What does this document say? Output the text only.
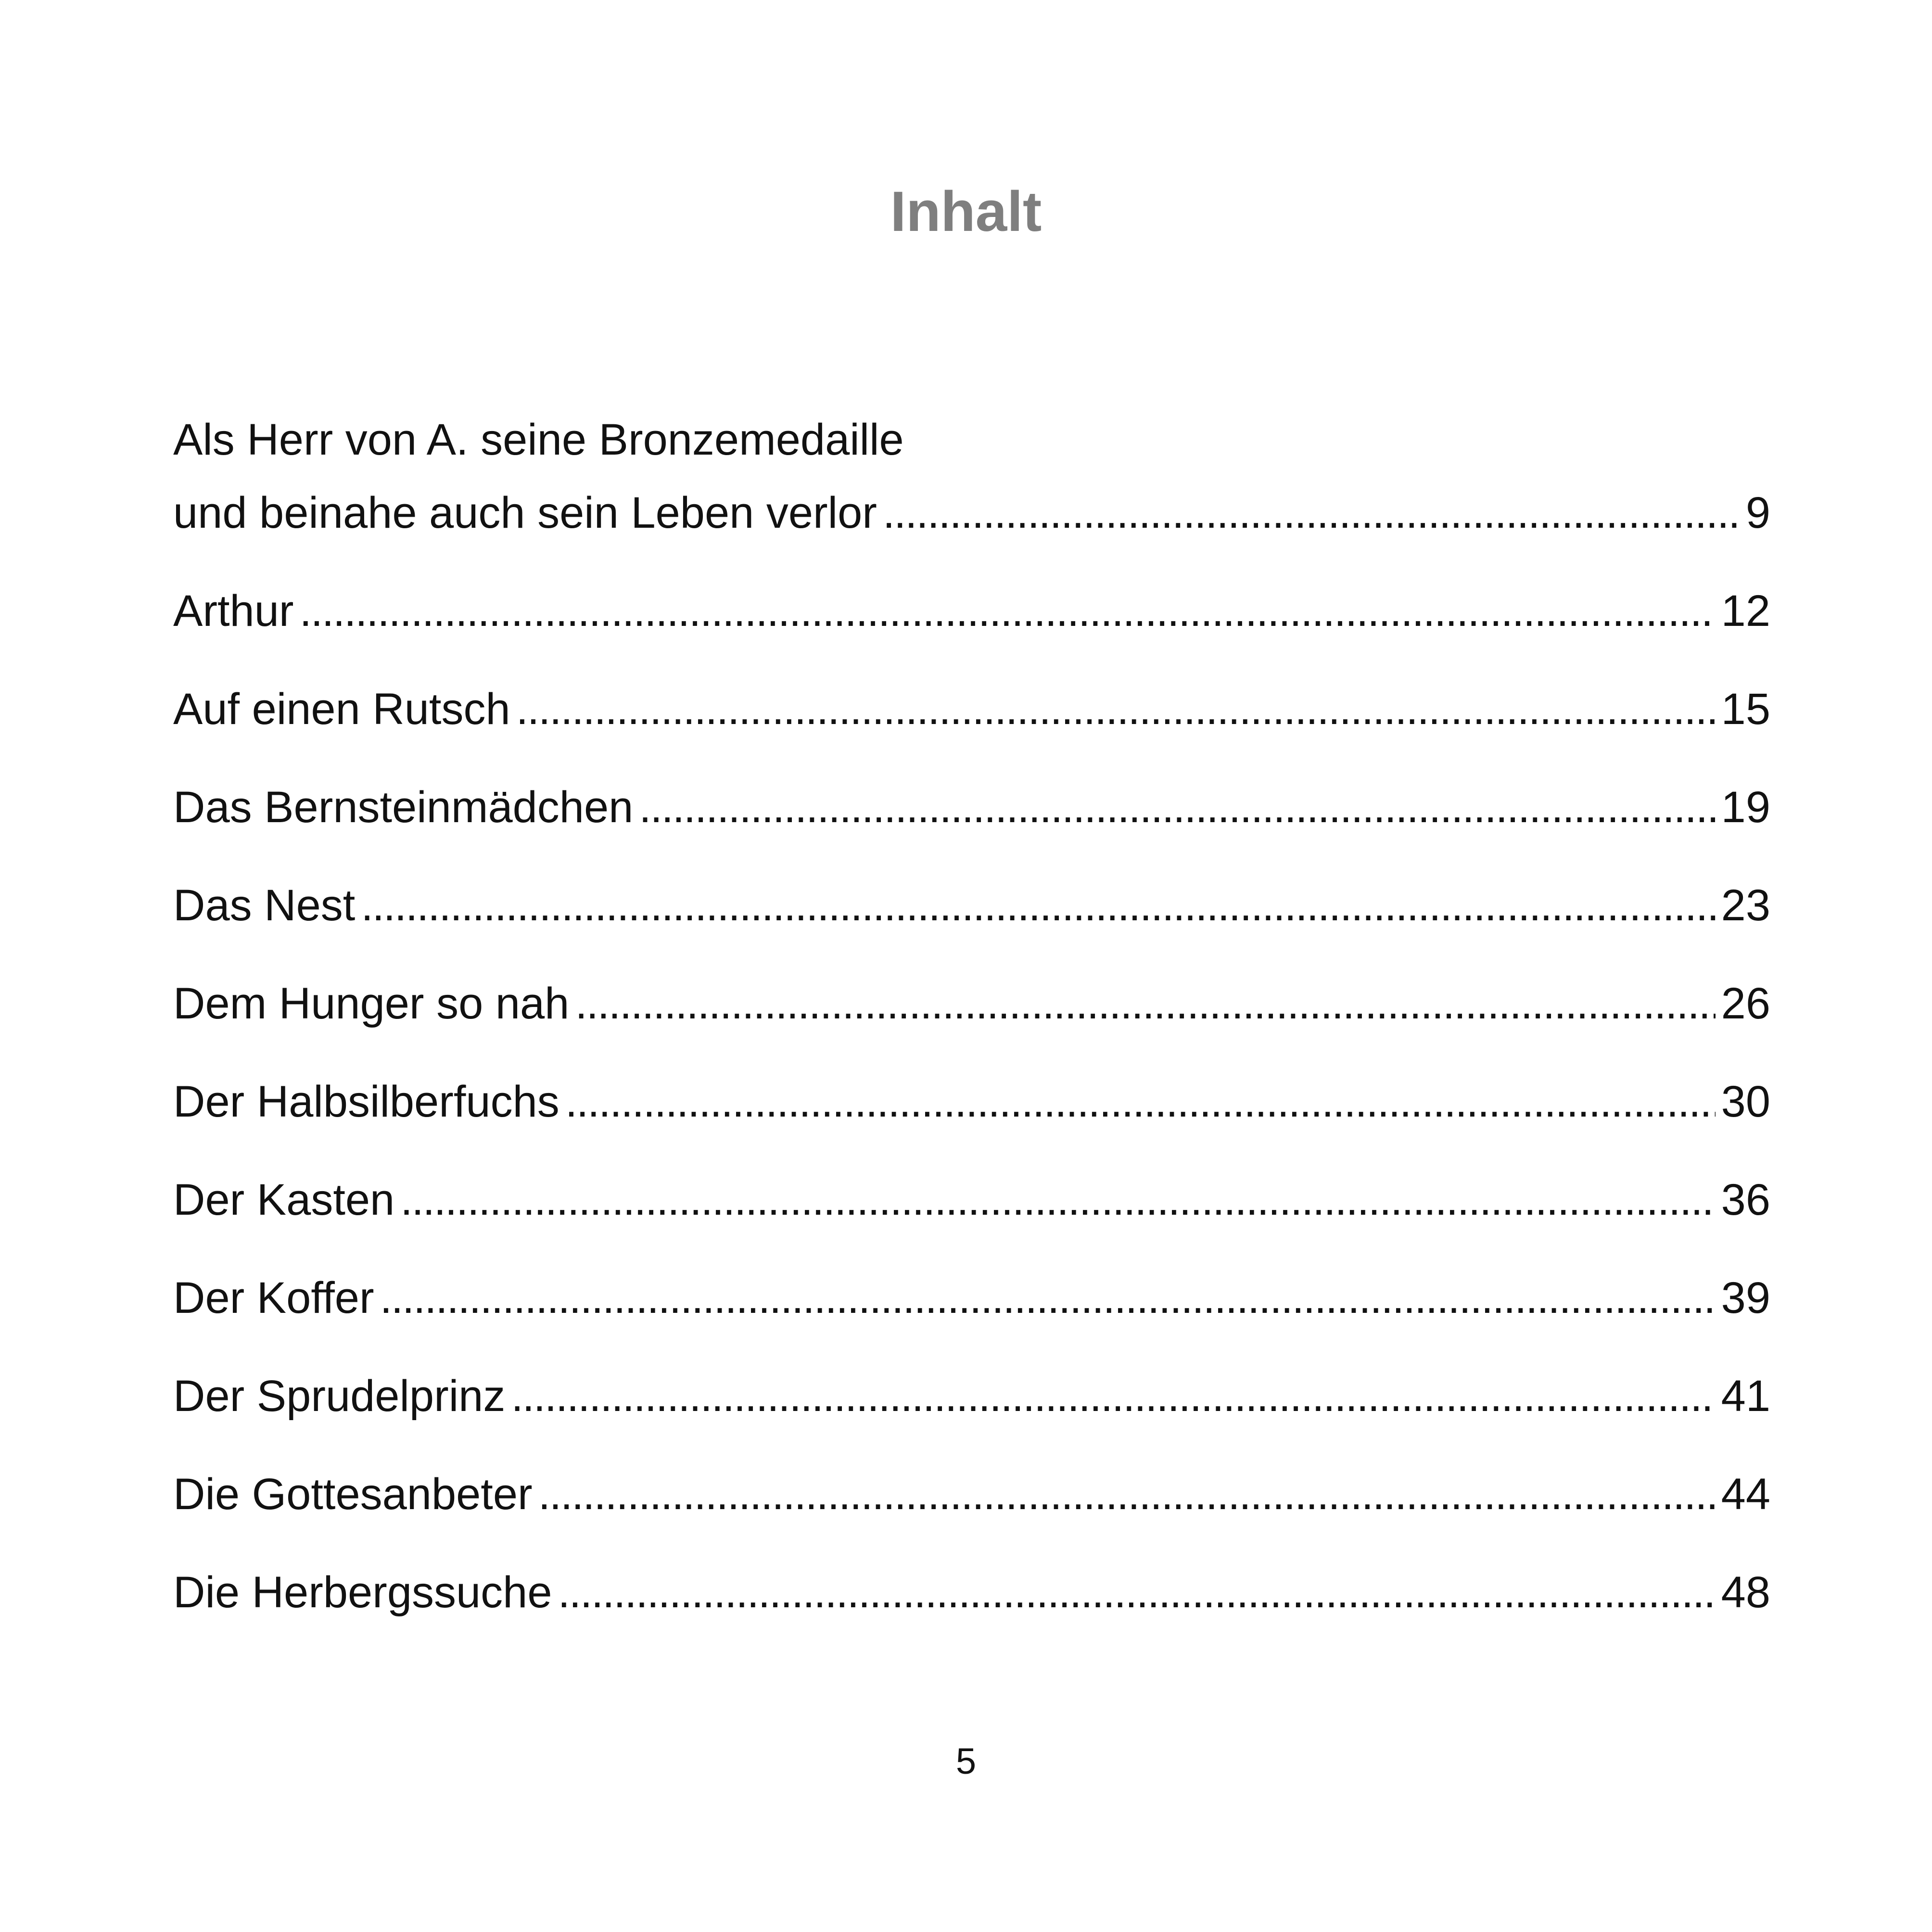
Inhalt
Als Herr von A. seine Bronzemedaille
und beinahe auch sein Leben verlor . . .	9
Arthur . . .	12
Auf einen Rutsch . . .	15
Das Bernsteinmädchen . . .	19
Das Nest . . .	23
Dem Hunger so nah . . .	26
Der Halbsilberfuchs . . .	30
Der Kasten . . .	36
Der Koffer . . .	39
Der Sprudelprinz . . .	41
Die Gottesanbeter . . .	44
Die Herbergssuche . . .	48
5
